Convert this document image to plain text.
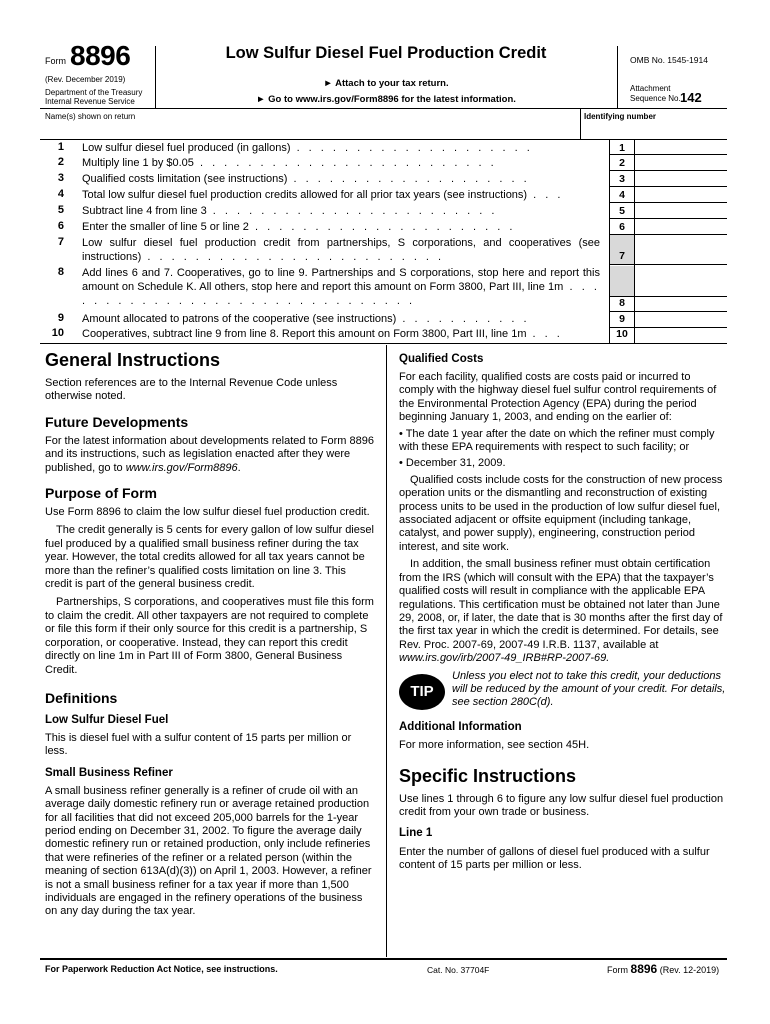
Form 8896
(Rev. December 2019)
Department of the Treasury
Internal Revenue Service
Low Sulfur Diesel Fuel Production Credit
► Attach to your tax return.
► Go to www.irs.gov/Form8896 for the latest information.
OMB No. 1545-1914
Attachment
Sequence No. 142
Name(s) shown on return	Identifying number
1 Low sulfur diesel fuel produced (in gallons) . . . . . . . . . . . . . . . . . . . .	1
2 Multiply line 1 by $0.05 . . . . . . . . . . . . . . . . . . . . . . . . .	2
3 Qualified costs limitation (see instructions) . . . . . . . . . . . . . . . . . . . .	3
4 Total low sulfur diesel fuel production credits allowed for all prior tax years (see instructions) . . .	4
5 Subtract line 4 from line 3 . . . . . . . . . . . . . . . . . . . . . . . .	5
6 Enter the smaller of line 5 or line 2 . . . . . . . . . . . . . . . . . . . . . .	6
7 Low sulfur diesel fuel production credit from partnerships, S corporations, and cooperatives (see instructions) . . . . . . . . . . . . . . . . . . . . . . . . .	7
8 Add lines 6 and 7. Cooperatives, go to line 9. Partnerships and S corporations, stop here and report this amount on Schedule K. All others, stop here and report this amount on Form 3800, Part III, line 1m . . . . . . . . . . . . . . . . . . . . . . . . . . . . . . .	8
9 Amount allocated to patrons of the cooperative (see instructions) . . . . . . . . . . .	9
10 Cooperatives, subtract line 9 from line 8. Report this amount on Form 3800, Part III, line 1m . . .	10
General Instructions

Section references are to the Internal Revenue Code unless otherwise noted.

Future Developments

For the latest information about developments related to Form 8896 and its instructions, such as legislation enacted after they were published, go to www.irs.gov/Form8896.

Purpose of Form

Use Form 8896 to claim the low sulfur diesel fuel production credit.

The credit generally is 5 cents for every gallon of low sulfur diesel fuel produced by a qualified small business refiner during the tax year. However, the total credits allowed for all tax years cannot be more than the refiner’s qualified costs limitation on line 3. This credit is part of the general business credit.

Partnerships, S corporations, and cooperatives must file this form to claim the credit. All other taxpayers are not required to complete or file this form if their only source for this credit is a partnership, S corporation, or cooperative. Instead, they can report this credit directly on line 1m in Part III of Form 3800, General Business Credit.

Definitions
Low Sulfur Diesel Fuel

This is diesel fuel with a sulfur content of 15 parts per million or less.

Small Business Refiner

A small business refiner generally is a refiner of crude oil with an average daily domestic refinery run or average retained production for all facilities that did not exceed 205,000 barrels for the 1-year period ending on December 31, 2002. To figure the average daily domestic refinery run or retained production, only include refineries that were refineries of the refiner or a related person (within the meaning of section 613A(d)(3)) on April 1, 2003. However, a refiner is not a small business refiner for a tax year if more than 1,500 individuals are engaged in the refinery operations of the business on any day during the tax year.

Qualified Costs

For each facility, qualified costs are costs paid or incurred to comply with the highway diesel fuel sulfur control requirements of the Environmental Protection Agency (EPA) during the period beginning January 1, 2003, and ending on the earlier of:

• The date 1 year after the date on which the refiner must comply with these EPA requirements with respect to such facility; or

• December 31, 2009.

Qualified costs include costs for the construction of new process operation units or the dismantling and reconstruction of existing process units to be used in the production of low sulfur diesel fuel, associated adjacent or offsite equipment (including tankage, catalyst, and power supply), engineering, construction period interest, and site work.

In addition, the small business refiner must obtain certification from the IRS (which will consult with the EPA) that the taxpayer’s qualified costs will result in compliance with the applicable EPA regulations. This certification must be obtained not later than June 29, 2008, or, if later, the date that is 30 months after the first day of the first tax year in which the credit is determined. For details, see Rev. Proc. 2007-69, 2007-49 I.R.B. 1137, available at
www.irs.gov/irb/2007-49_IRB#RP-2007-69.

TIP
Unless you elect not to take this credit, your deductions will be reduced by the amount of your credit. For details, see section 280C(d).
Additional Information

For more information, see section 45H.

Specific Instructions

Use lines 1 through 6 to figure any low sulfur diesel fuel production credit from your own trade or business.

Line 1

Enter the number of gallons of diesel fuel produced with a sulfur content of 15 parts per million or less.

For Paperwork Reduction Act Notice, see instructions.	Cat. No. 37704F	Form 8896 (Rev. 12-2019)
